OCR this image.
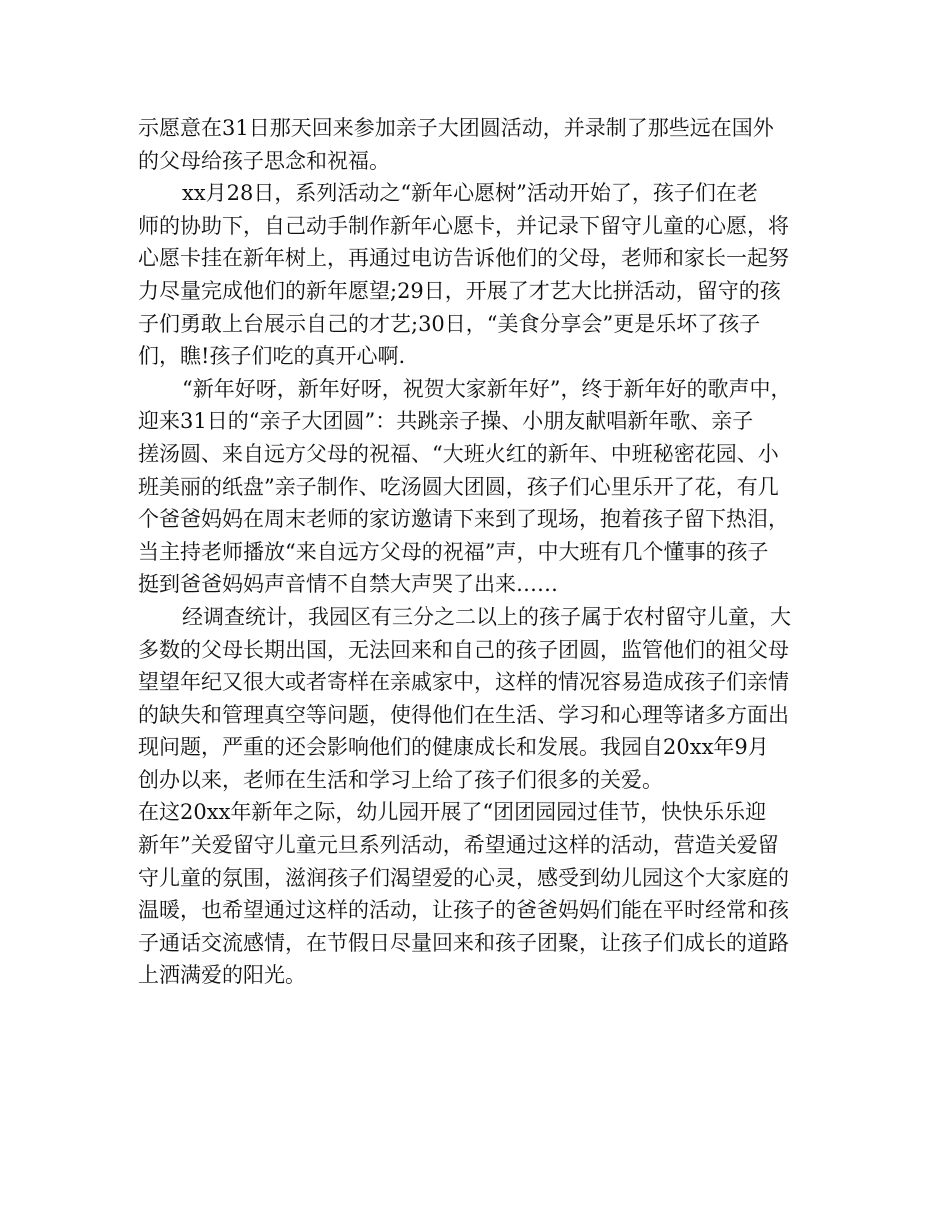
示愿意在31日那天回来参加亲子大团圆活动，并录制了那些远在国外
的父母给孩子思念和祝福。
xx月28日，系列活动之“新年心愿树”活动开始了，孩子们在老
师的协助下，自己动手制作新年心愿卡，并记录下留守儿童的心愿，将
心愿卡挂在新年树上，再通过电访告诉他们的父母，老师和家长一起努
力尽量完成他们的新年愿望;29日，开展了才艺大比拼活动，留守的孩
子们勇敢上台展示自己的才艺;30日，“美食分享会”更是乐坏了孩子
们，瞧!孩子们吃的真开心啊.
“新年好呀，新年好呀，祝贺大家新年好”，终于新年好的歌声中，
迎来31日的“亲子大团圆”：共跳亲子操、小朋友献唱新年歌、亲子
搓汤圆、来自远方父母的祝福、“大班火红的新年、中班秘密花园、小
班美丽的纸盘”亲子制作、吃汤圆大团圆，孩子们心里乐开了花，有几
个爸爸妈妈在周末老师的家访邀请下来到了现场，抱着孩子留下热泪，
当主持老师播放“来自远方父母的祝福”声，中大班有几个懂事的孩子
挺到爸爸妈妈声音情不自禁大声哭了出来……
经调查统计，我园区有三分之二以上的孩子属于农村留守儿童，大
多数的父母长期出国，无法回来和自己的孩子团圆，监管他们的祖父母
望望年纪又很大或者寄样在亲戚家中，这样的情况容易造成孩子们亲情
的缺失和管理真空等问题，使得他们在生活、学习和心理等诸多方面出
现问题，严重的还会影响他们的健康成长和发展。我园自20xx年9月
创办以来，老师在生活和学习上给了孩子们很多的关爱。
在这20xx年新年之际，幼儿园开展了“团团园园过佳节，快快乐乐迎
新年”关爱留守儿童元旦系列活动，希望通过这样的活动，营造关爱留
守儿童的氛围，滋润孩子们渴望爱的心灵，感受到幼儿园这个大家庭的
温暖，也希望通过这样的活动，让孩子的爸爸妈妈们能在平时经常和孩
子通话交流感情，在节假日尽量回来和孩子团聚，让孩子们成长的道路
上洒满爱的阳光。
